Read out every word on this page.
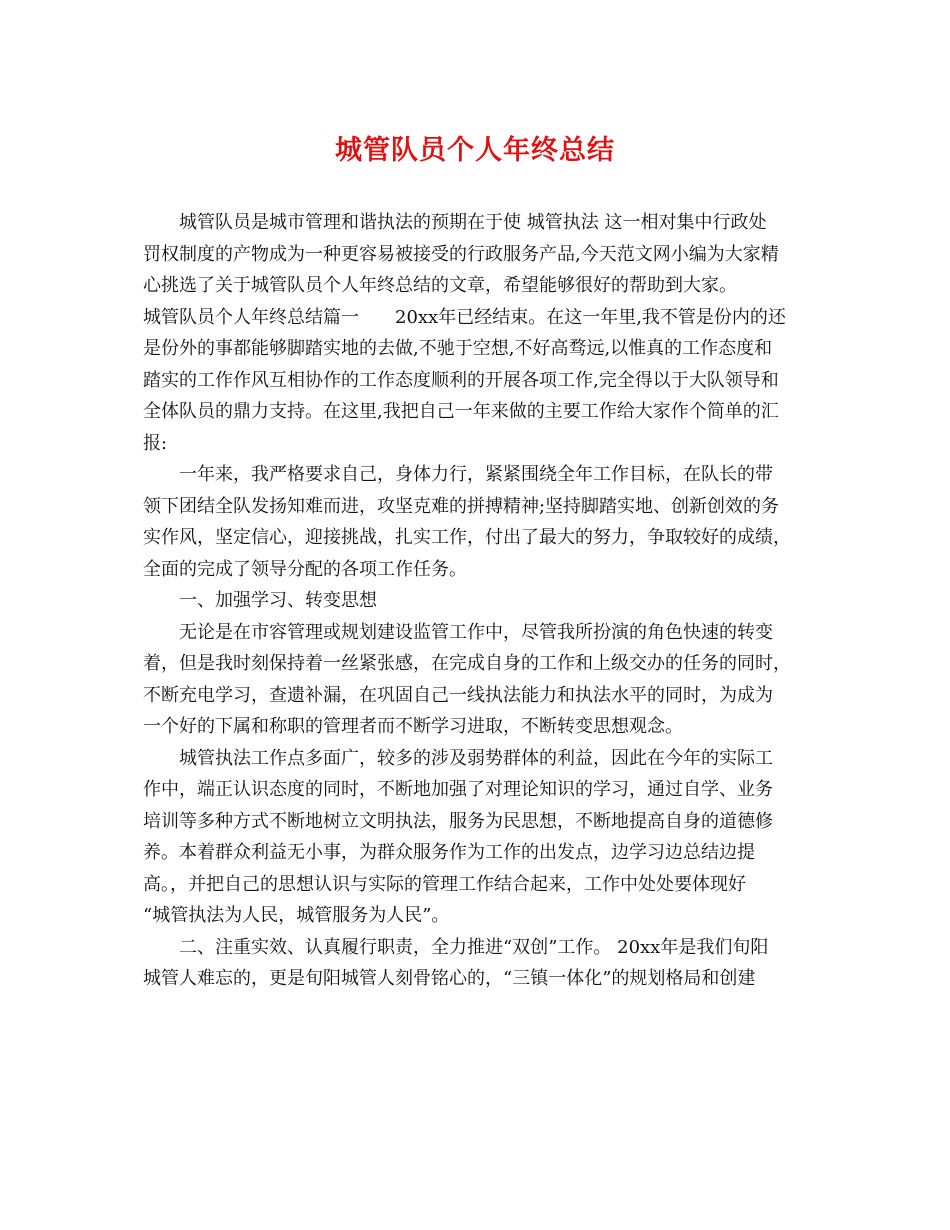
城管队员个人年终总结
城管队员是城市管理和谐执法的预期在于使 城管执法 这一相对集中行政处
罚权制度的产物成为一种更容易被接受的行政服务产品,今天范文网小编为大家精
心挑选了关于城管队员个人年终总结的文章，希望能够很好的帮助到大家。
城管队员个人年终总结篇一　　20xx年已经结束。在这一年里,我不管是份内的还
是份外的事都能够脚踏实地的去做,不驰于空想,不好高骛远,以惟真的工作态度和
踏实的工作作风互相协作的工作态度顺利的开展各项工作,完全得以于大队领导和
全体队员的鼎力支持。在这里,我把自己一年来做的主要工作给大家作个简单的汇
报:
一年来，我严格要求自己，身体力行，紧紧围绕全年工作目标，在队长的带
领下团结全队发扬知难而进，攻坚克难的拼搏精神;坚持脚踏实地、创新创效的务
实作风，坚定信心，迎接挑战，扎实工作，付出了最大的努力，争取较好的成绩，
全面的完成了领导分配的各项工作任务。
一、加强学习、转变思想
无论是在市容管理或规划建设监管工作中，尽管我所扮演的角色快速的转变
着，但是我时刻保持着一丝紧张感，在完成自身的工作和上级交办的任务的同时，
不断充电学习，查遗补漏，在巩固自己一线执法能力和执法水平的同时，为成为
一个好的下属和称职的管理者而不断学习进取，不断转变思想观念。
城管执法工作点多面广，较多的涉及弱势群体的利益，因此在今年的实际工
作中，端正认识态度的同时，不断地加强了对理论知识的学习，通过自学、业务
培训等多种方式不断地树立文明执法，服务为民思想，不断地提高自身的道德修
养。本着群众利益无小事，为群众服务作为工作的出发点，边学习边总结边提
高。，并把自己的思想认识与实际的管理工作结合起来，工作中处处要体现好
“城管执法为人民，城管服务为人民”。
二、注重实效、认真履行职责，全力推进“双创”工作。 20xx年是我们旬阳
城管人难忘的，更是旬阳城管人刻骨铭心的，“三镇一体化”的规划格局和创建
